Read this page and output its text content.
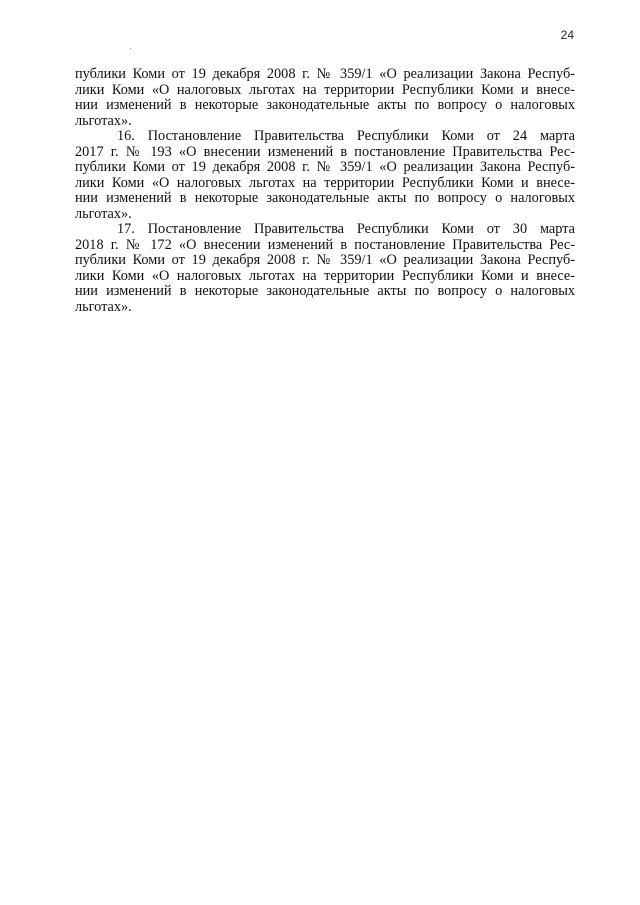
24
публики Коми от 19 декабря 2008 г. № 359/1 «О реализации Закона Респуб-
лики Коми «О налоговых льготах на территории Республики Коми и внесе-
нии изменений в некоторые законодательные акты по вопросу о налоговых
льготах».
16. Постановление Правительства Республики Коми от 24 марта
2017 г. № 193 «О внесении изменений в постановление Правительства Рес-
публики Коми от 19 декабря 2008 г. № 359/1 «О реализации Закона Респуб-
лики Коми «О налоговых льготах на территории Республики Коми и внесе-
нии изменений в некоторые законодательные акты по вопросу о налоговых
льготах».
17. Постановление Правительства Республики Коми от 30 марта
2018 г. № 172 «О внесении изменений в постановление Правительства Рес-
публики Коми от 19 декабря 2008 г. № 359/1 «О реализации Закона Респуб-
лики Коми «О налоговых льготах на территории Республики Коми и внесе-
нии изменений в некоторые законодательные акты по вопросу о налоговых
льготах».
